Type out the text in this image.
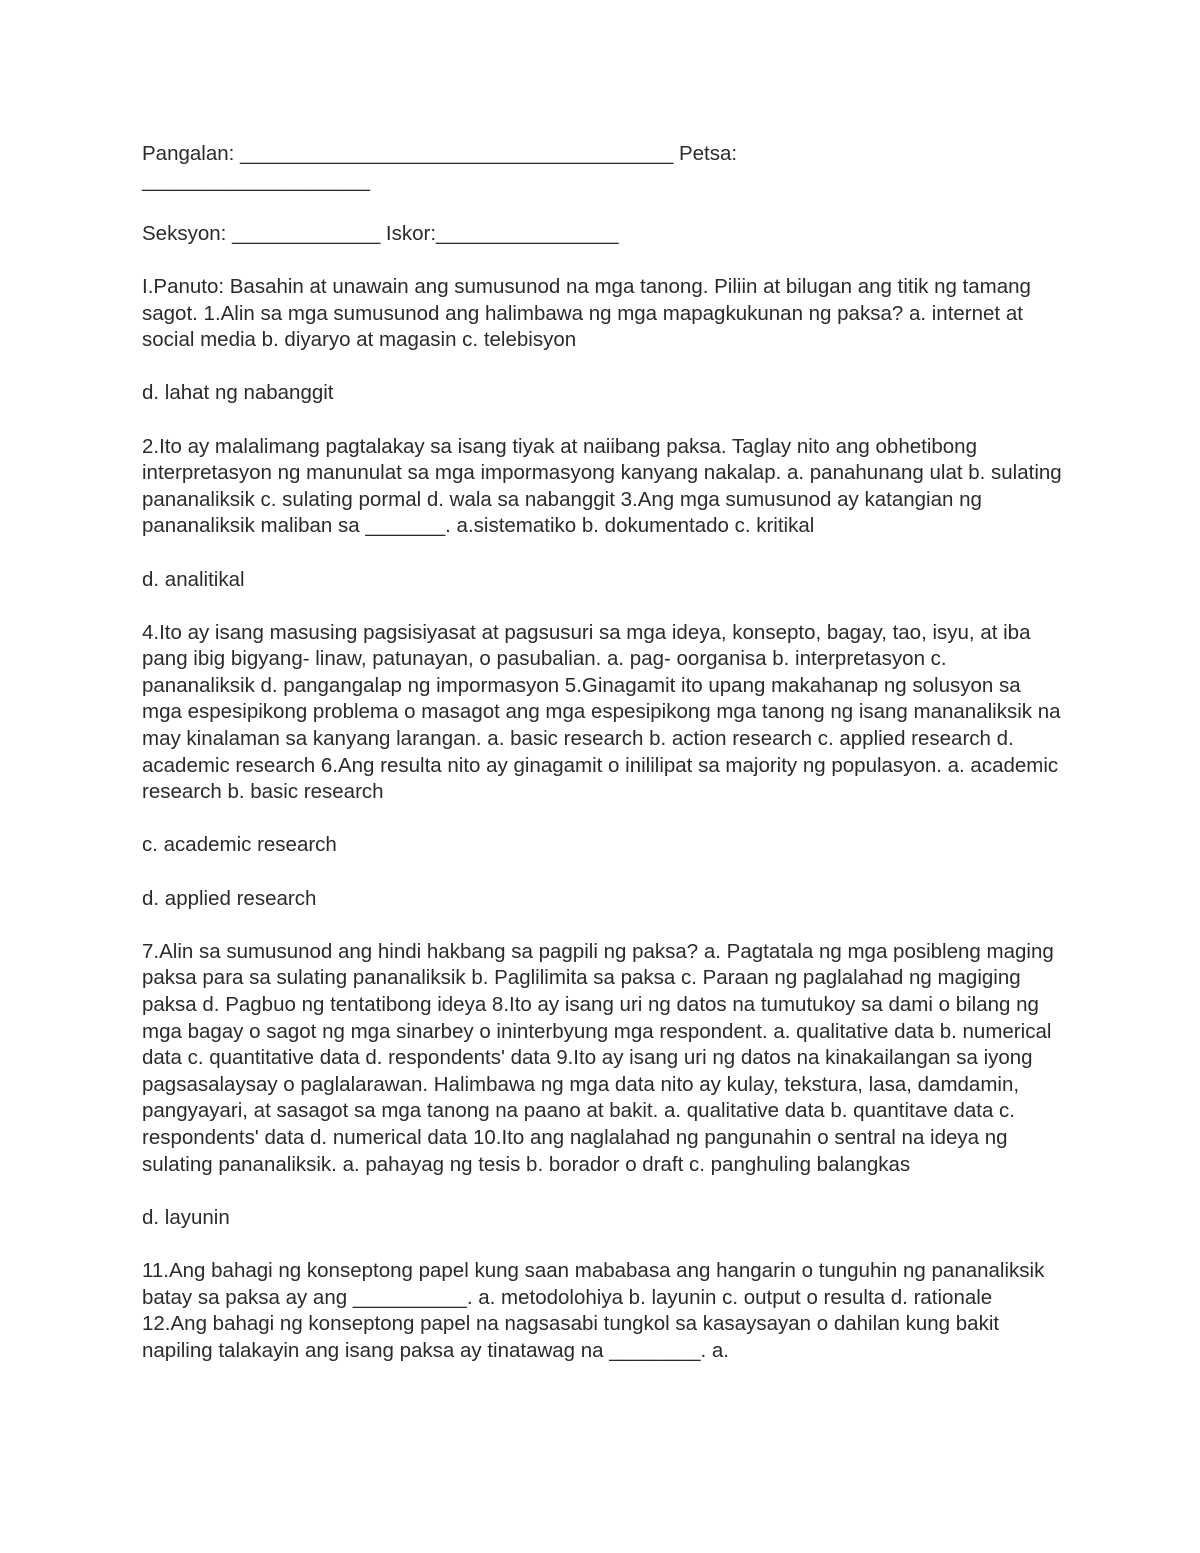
Pangalan: ______________________________________ Petsa:
____________________
Seksyon: _____________ Iskor:________________

I.Panuto: Basahin at unawain ang sumusunod na mga tanong. Piliin at bilugan ang titik ng tamang sagot. 1.Alin sa mga sumusunod ang halimbawa ng mga mapagkukunan ng paksa? a. internet at social media b. diyaryo at magasin c. telebisyon

d. lahat ng nabanggit

2.Ito ay malalimang pagtalakay sa isang tiyak at naiibang paksa. Taglay nito ang obhetibong interpretasyon ng manunulat sa mga impormasyong kanyang nakalap. a. panahunang ulat b. sulating pananaliksik c. sulating pormal d. wala sa nabanggit 3.Ang mga sumusunod ay katangian ng pananaliksik maliban sa _______. a.sistematiko b. dokumentado c. kritikal

d. analitikal

4.Ito ay isang masusing pagsisiyasat at pagsusuri sa mga ideya, konsepto, bagay, tao, isyu, at iba pang ibig bigyang- linaw, patunayan, o pasubalian. a. pag- oorganisa b. interpretasyon c. pananaliksik d. pangangalap ng impormasyon 5.Ginagamit ito upang makahanap ng solusyon sa mga espesipikong problema o masagot ang mga espesipikong mga tanong ng isang mananaliksik na may kinalaman sa kanyang larangan. a. basic research b. action research c. applied research d. academic research 6.Ang resulta nito ay ginagamit o inililipat sa majority ng populasyon. a. academic research b. basic research

c. academic research

d. applied research

7.Alin sa sumusunod ang hindi hakbang sa pagpili ng paksa? a. Pagtatala ng mga posibleng maging paksa para sa sulating pananaliksik b. Paglilimita sa paksa c. Paraan ng paglalahad ng magiging paksa d. Pagbuo ng tentatibong ideya 8.Ito ay isang uri ng datos na tumutukoy sa dami o bilang ng mga bagay o sagot ng mga sinarbey o ininterbyung mga respondent. a. qualitative data b. numerical data c. quantitative data d. respondents' data 9.Ito ay isang uri ng datos na kinakailangan sa iyong pagsasalaysay o paglalarawan. Halimbawa ng mga data nito ay kulay, tekstura, lasa, damdamin, pangyayari, at sasagot sa mga tanong na paano at bakit. a. qualitative data b. quantitave data c. respondents' data d. numerical data 10.Ito ang naglalahad ng pangunahin o sentral na ideya ng sulating pananaliksik. a. pahayag ng tesis b. borador o draft c. panghuling balangkas

d. layunin

11.Ang bahagi ng konseptong papel kung saan mababasa ang hangarin o tunguhin ng pananaliksik batay sa paksa ay ang __________. a. metodolohiya b. layunin c. output o resulta d. rationale 12.Ang bahagi ng konseptong papel na nagsasabi tungkol sa kasaysayan o dahilan kung bakit napiling talakayin ang isang paksa ay tinatawag na ________. a.
